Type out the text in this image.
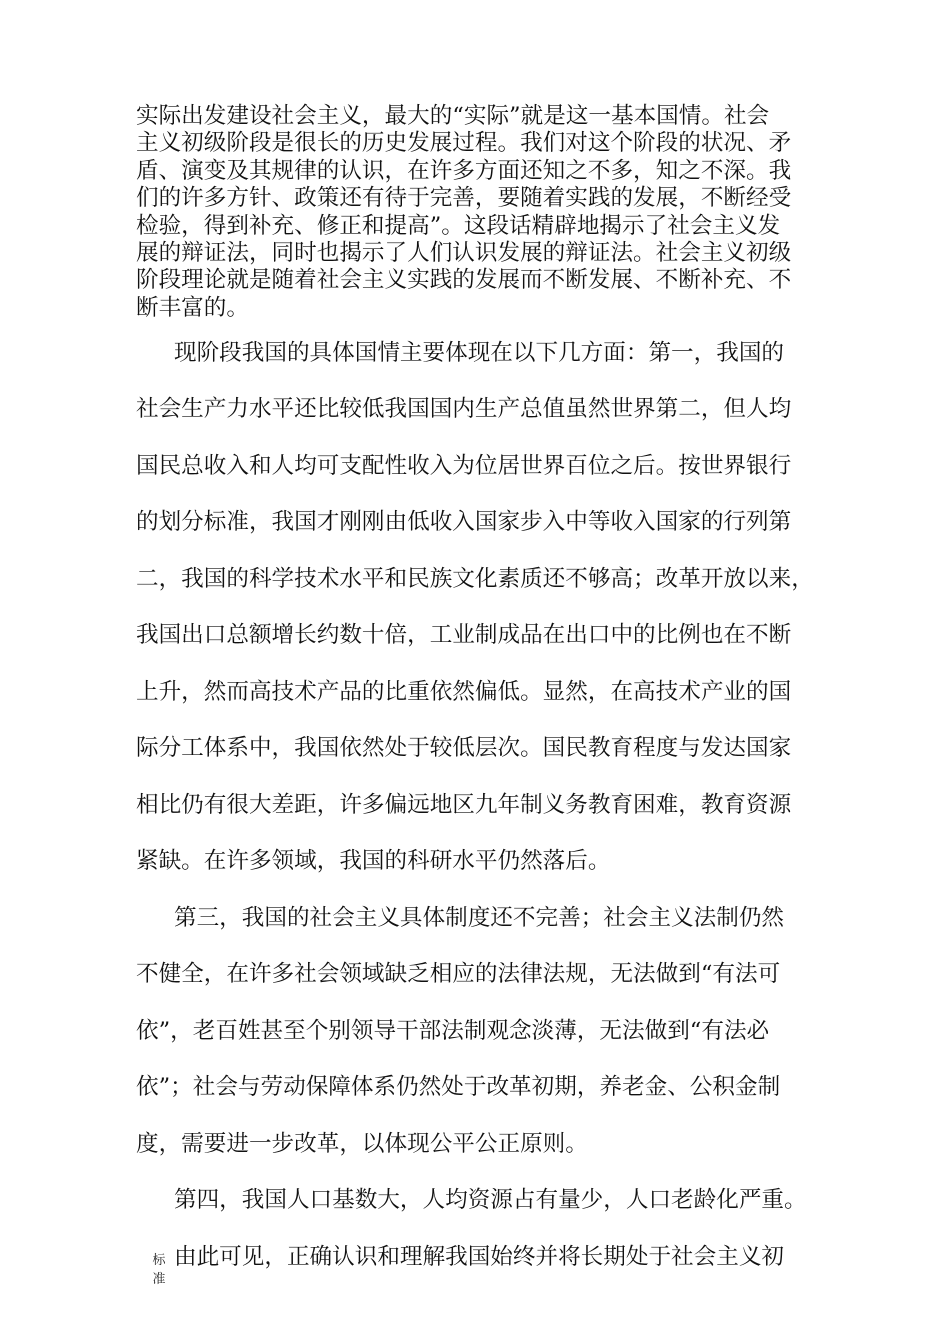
实际出发建设社会主义，最大的“实际”就是这一基本国情。社会
主义初级阶段是很长的历史发展过程。我们对这个阶段的状况、矛
盾、演变及其规律的认识，在许多方面还知之不多，知之不深。我
们的许多方针、政策还有待于完善，要随着实践的发展，不断经受
检验，得到补充、修正和提高”。这段话精辟地揭示了社会主义发
展的辩证法，同时也揭示了人们认识发展的辩证法。社会主义初级
阶段理论就是随着社会主义实践的发展而不断发展、不断补充、不
断丰富的。

现阶段我国的具体国情主要体现在以下几方面：第一，我国的

社会生产力水平还比较低我国国内生产总值虽然世界第二，但人均

国民总收入和人均可支配性收入为位居世界百位之后。按世界银行

的划分标准，我国才刚刚由低收入国家步入中等收入国家的行列第

二，我国的科学技术水平和民族文化素质还不够高；改革开放以来，

我国出口总额增长约数十倍，工业制成品在出口中的比例也在不断

上升，然而高技术产品的比重依然偏低。显然，在高技术产业的国

际分工体系中，我国依然处于较低层次。国民教育程度与发达国家

相比仍有很大差距，许多偏远地区九年制义务教育困难，教育资源

紧缺。在许多领域，我国的科研水平仍然落后。

第三，我国的社会主义具体制度还不完善；社会主义法制仍然

不健全，在许多社会领域缺乏相应的法律法规，无法做到“有法可

依”，老百姓甚至个别领导干部法制观念淡薄，无法做到“有法必

依”；社会与劳动保障体系仍然处于改革初期，养老金、公积金制

度，需要进一步改革，以体现公平公正原则。

第四，我国人口基数大，人均资源占有量少，人口老龄化严重。

由此可见，正确认识和理解我国始终并将长期处于社会主义初

标
准
